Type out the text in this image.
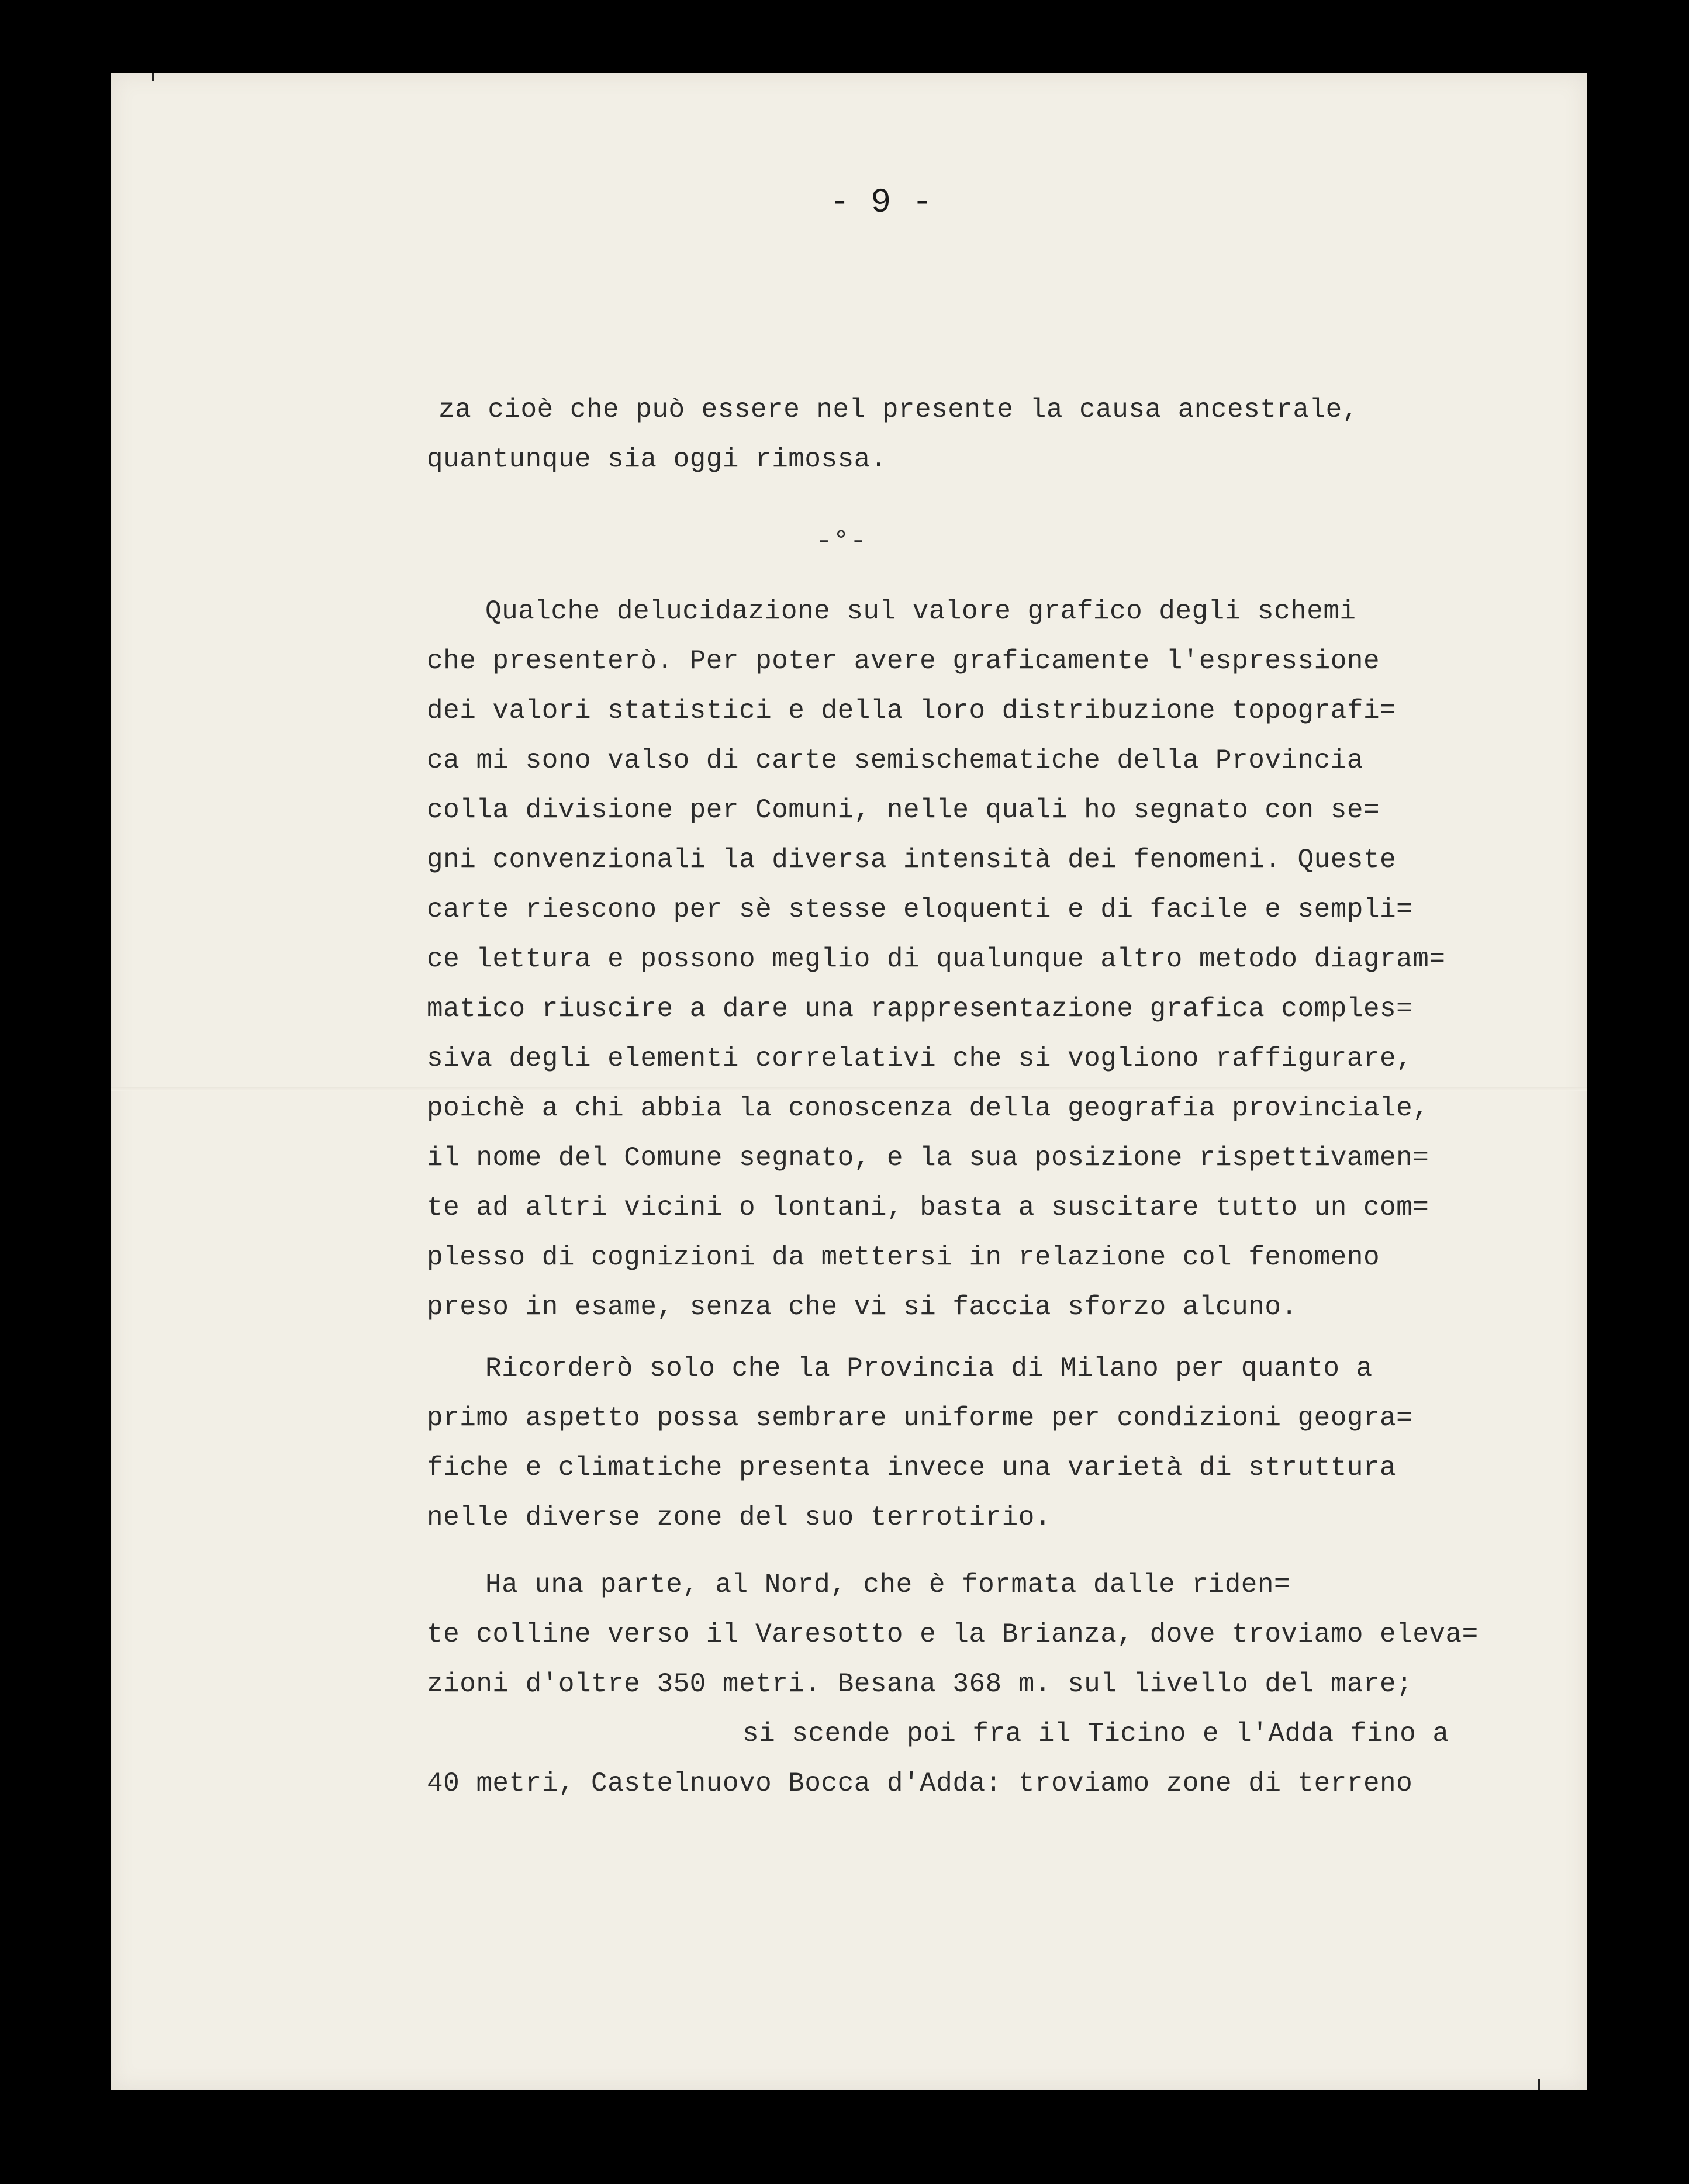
- 9 -
za cioè che può essere nel presente la causa ancestrale,
quantunque sia oggi rimossa.
-°-
Qualche delucidazione sul valore grafico degli schemi
che presenterò. Per poter avere graficamente l'espressione
dei valori statistici e della loro distribuzione topografi=
ca mi sono valso di carte semischematiche della Provincia
colla divisione per Comuni, nelle quali ho segnato con se=
gni convenzionali la diversa intensità dei fenomeni. Queste
carte riescono per sè stesse eloquenti e di facile e sempli=
ce lettura e possono meglio di qualunque altro metodo diagram=
matico riuscire a dare una rappresentazione grafica comples=
siva degli elementi correlativi che si vogliono raffigurare,
poichè a chi abbia la conoscenza della geografia provinciale,
il nome del Comune segnato, e la sua posizione rispettivamen=
te ad altri vicini o lontani, basta a suscitare tutto un com=
plesso di cognizioni da mettersi in relazione col fenomeno
preso in esame, senza che vi si faccia sforzo alcuno.
Ricorderò solo che la Provincia di Milano per quanto a
primo aspetto possa sembrare uniforme per condizioni geogra=
fiche e climatiche presenta invece una varietà di struttura
nelle diverse zone del suo terrotirio.
Ha una parte, al Nord, che è formata dalle riden=
te colline verso il Varesotto e la Brianza, dove troviamo eleva=
zioni d'oltre 350 metri. Besana 368 m. sul livello del mare;
si scende poi fra il Ticino e l'Adda fino a
40 metri, Castelnuovo Bocca d'Adda: troviamo zone di terreno
